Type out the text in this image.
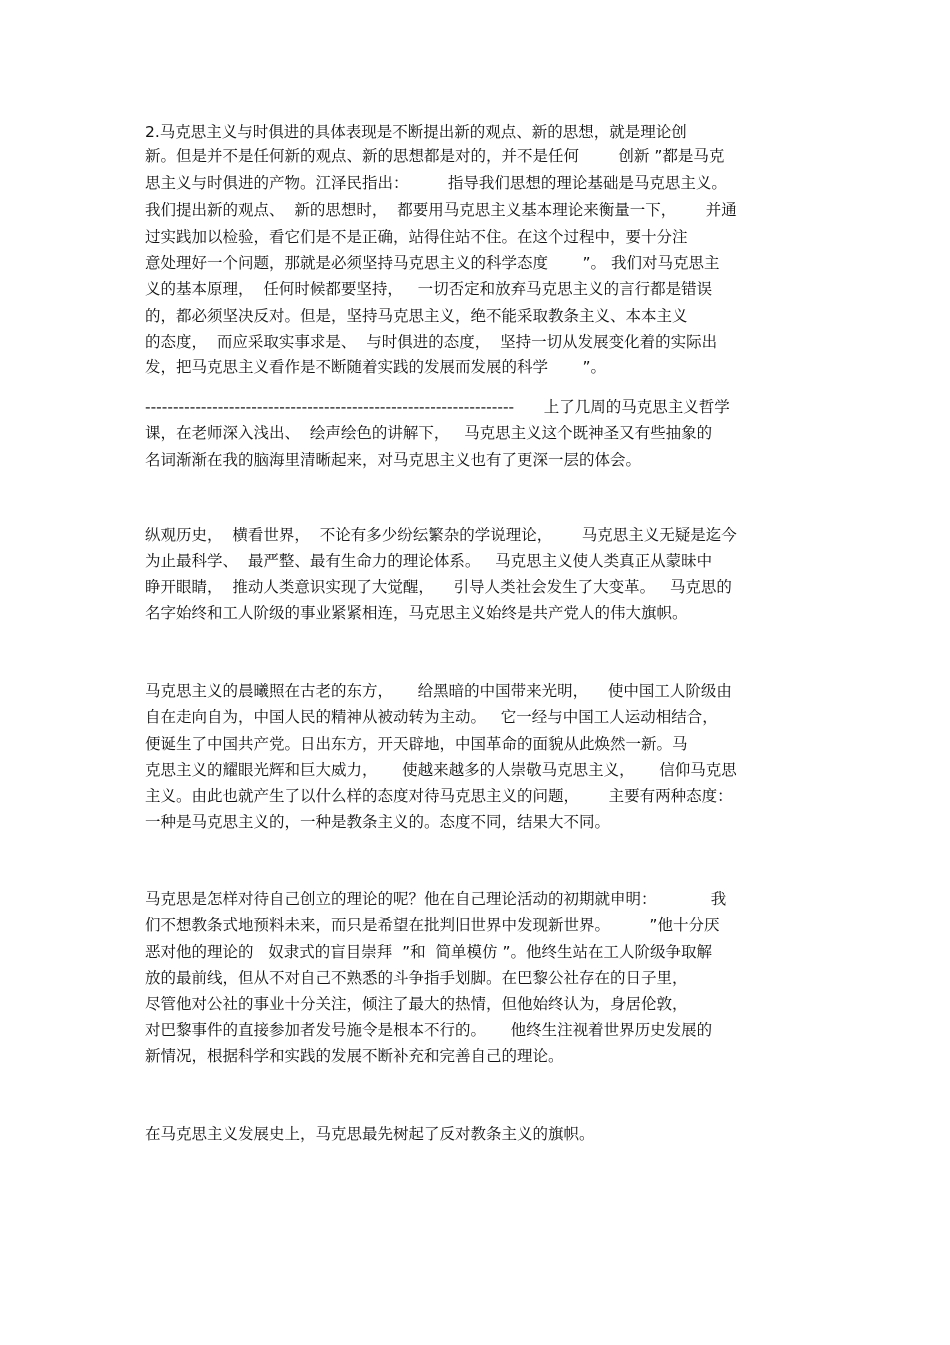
2.马克思主义与时俱进的具体表现是不断提出新的观点、新的思想，就是理论创
新。但是并不是任何新的观点、新的思想都是对的，并不是任何        创新 ”都是马克
思主义与时俱进的产物。江泽民指出：        指导我们思想的理论基础是马克思主义。
我们提出新的观点、  新的思想时，  都要用马克思主义基本理论来衡量一下，      并通
过实践加以检验，看它们是不是正确，站得住站不住。在这个过程中，要十分注
意处理好一个问题，那就是必须坚持马克思主义的科学态度       ”。 我们对马克思主
义的基本原理，  任何时候都要坚持，   一切否定和放弃马克思主义的言行都是错误
的，都必须坚决反对。但是，坚持马克思主义，绝不能采取教条主义、本本主义
的态度，  而应采取实事求是、  与时俱进的态度，  坚持一切从发展变化着的实际出
发，把马克思主义看作是不断随着实践的发展而发展的科学       ”。
------------------------------------------------------------------      上了几周的马克思主义哲学
课，在老师深入浅出、  绘声绘色的讲解下，   马克思主义这个既神圣又有些抽象的
名词渐渐在我的脑海里清晰起来，对马克思主义也有了更深一层的体会。
纵观历史，  横看世界，  不论有多少纷纭繁杂的学说理论，      马克思主义无疑是迄今
为止最科学、  最严整、最有生命力的理论体系。   马克思主义使人类真正从蒙昧中
睁开眼睛，  推动人类意识实现了大觉醒，    引导人类社会发生了大变革。   马克思的
名字始终和工人阶级的事业紧紧相连，马克思主义始终是共产党人的伟大旗帜。
马克思主义的晨曦照在古老的东方，     给黑暗的中国带来光明，    使中国工人阶级由
自在走向自为，中国人民的精神从被动转为主动。   它一经与中国工人运动相结合，
便诞生了中国共产党。日出东方，开天辟地，中国革命的面貌从此焕然一新。马
克思主义的耀眼光辉和巨大威力，     使越来越多的人崇敬马克思主义，     信仰马克思
主义。由此也就产生了以什么样的态度对待马克思主义的问题，      主要有两种态度：
一种是马克思主义的，一种是教条主义的。态度不同，结果大不同。
马克思是怎样对待自己创立的理论的呢？他在自己理论活动的初期就申明：           我
们不想教条式地预料未来，而只是希望在批判旧世界中发现新世界。        ”他十分厌
恶对他的理论的   奴隶式的盲目崇拜  ”和  简单模仿 ”。他终生站在工人阶级争取解
放的最前线，但从不对自己不熟悉的斗争指手划脚。在巴黎公社存在的日子里，
尽管他对公社的事业十分关注，倾注了最大的热情，但他始终认为，身居伦敦，
对巴黎事件的直接参加者发号施令是根本不行的。     他终生注视着世界历史发展的
新情况，根据科学和实践的发展不断补充和完善自己的理论。
在马克思主义发展史上，马克思最先树起了反对教条主义的旗帜。
